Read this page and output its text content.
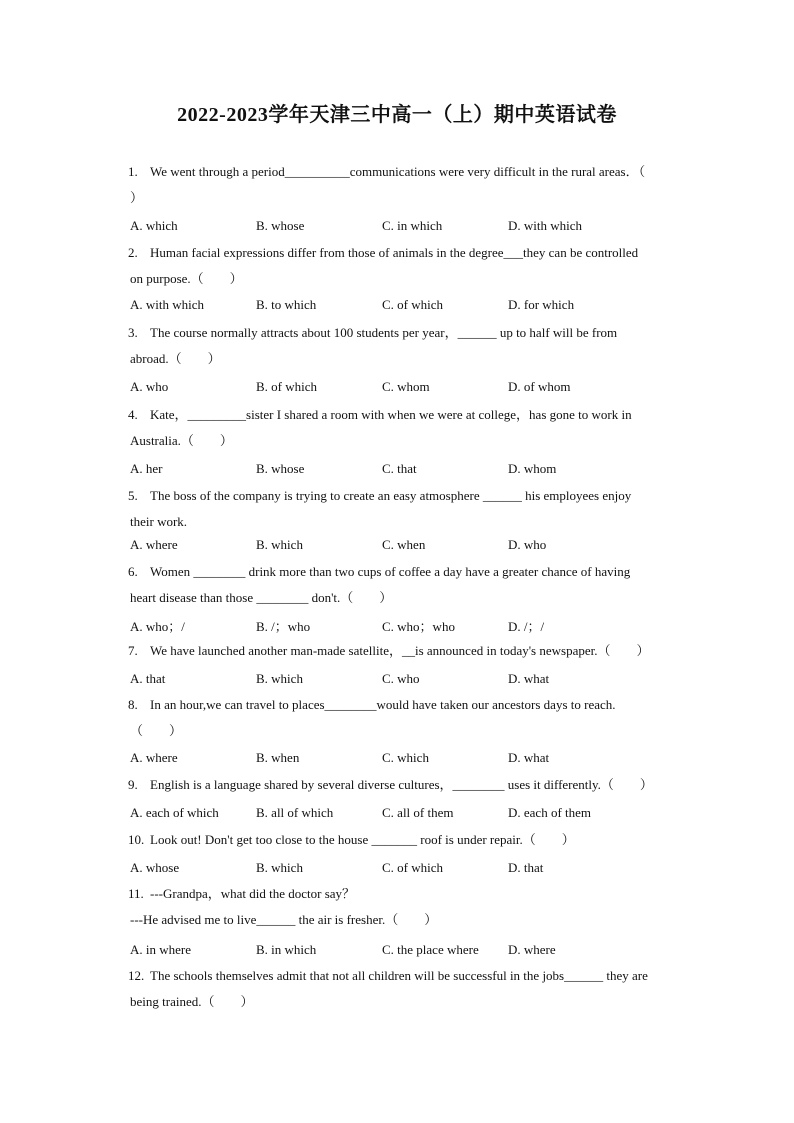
2022-2023学年天津三中高一（上）期中英语试卷
1. We went through a period__________communications were very difficult in the rural areas．（
）
A. which	B. whose	C. in which	D. with which
2. Human facial expressions differ from those of animals in the degree___they can be controlled
on purpose.（　　）
A. with which	B. to which	C. of which	D. for which
3. The course normally attracts about 100 students per year，______ up to half will be from
abroad.（　　）
A. who	B. of which	C. whom	D. of whom
4. Kate，_________sister I shared a room with when we were at college，has gone to work in
Australia.（　　）
A. her	B. whose	C. that	D. whom
5. The boss of the company is trying to create an easy atmosphere ______ his employees enjoy
their work.
A. where	B. which	C. when	D. who
6. Women ________ drink more than two cups of coffee a day have a greater chance of having
heart disease than those ________ don't.（　　）
A. who；/	B. /；who	C. who；who	D. /；/
7. We have launched another man-made satellite，__is announced in today's newspaper.（　　）
A. that	B. which	C. who	D. what
8. In an hour,we can travel to places________would have taken our ancestors days to reach.
（　　）
A. where	B. when	C. which	D. what
9. English is a language shared by several diverse cultures，________ uses it differently.（　　）
A. each of which	B. all of which	C. all of them	D. each of them
10. Look out! Don't get too close to the house _______ roof is under repair.（　　）
A. whose	B. which	C. of which	D. that
11. ---Grandpa，what did the doctor say？
---He advised me to live______ the air is fresher.（　　）
A. in where	B. in which	C. the place where D. where
12. The schools themselves admit that not all children will be successful in the jobs______ they are
being trained.（　　）
